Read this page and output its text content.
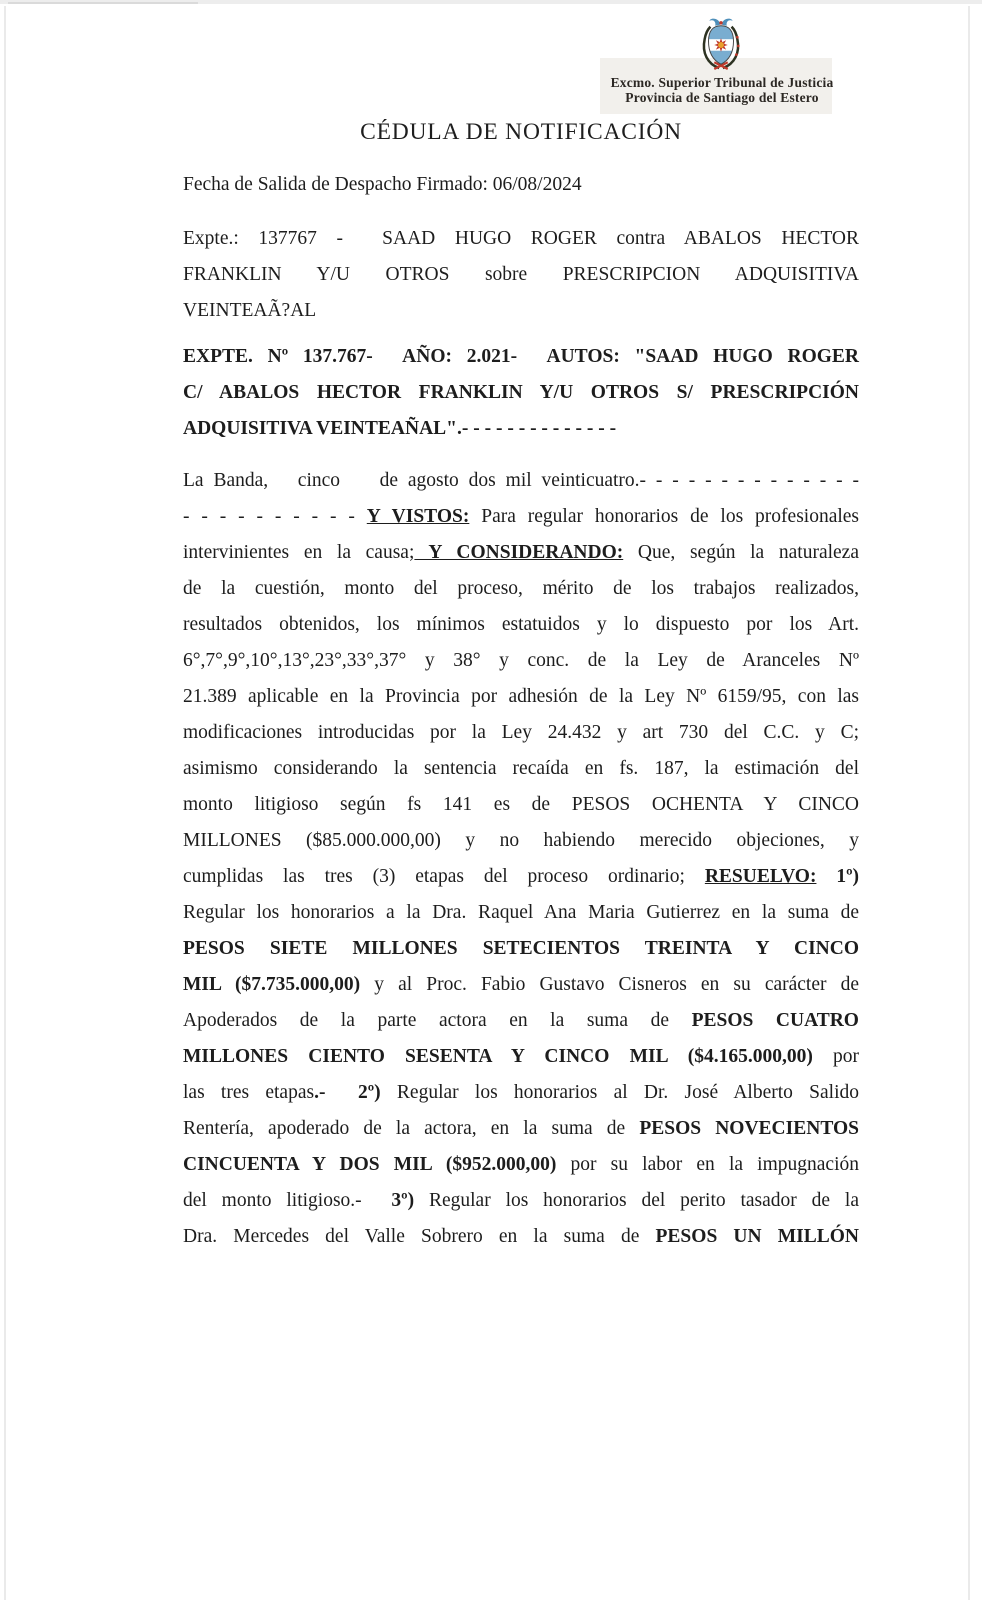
Excmo. Superior Tribunal de Justicia
Provincia de Santiago del Estero
CÉDULA DE NOTIFICACIÓN
Fecha de Salida de Despacho Firmado: 06/08/2024
Expte.: 137767 -  SAAD HUGO ROGER contra ABALOS HECTOR
FRANKLIN Y/U OTROS sobre PRESCRIPCION ADQUISITIVA
VEINTEAÃ?AL
EXPTE. Nº 137.767-  AÑO: 2.021-  AUTOS: "SAAD HUGO ROGER
C/ ABALOS HECTOR FRANKLIN Y/U OTROS S/ PRESCRIPCIÓN
ADQUISITIVA VEINTEAÑAL".- - - - - - - - - - - - - -
La Banda,   cinco    de agosto dos mil veinticuatro.- - - - - - - - - - - - - -
- - - - - - - - - - Y VISTOS: Para regular honorarios de los profesionales
intervinientes en la causa; Y CONSIDERANDO: Que, según la naturaleza
de la cuestión, monto del proceso, mérito de los trabajos realizados,
resultados obtenidos, los mínimos estatuidos y lo dispuesto por los Art.
6°,7°,9°,10°,13°,23°,33°,37° y 38° y conc. de la Ley de Aranceles Nº
21.389 aplicable en la Provincia por adhesión de la Ley Nº 6159/95, con las
modificaciones introducidas por la Ley 24.432 y art 730 del C.C. y C;
asimismo considerando la sentencia recaída en fs. 187, la estimación del
monto litigioso según fs 141 es de PESOS OCHENTA Y CINCO
MILLONES ($85.000.000,00) y no habiendo merecido objeciones, y
cumplidas las tres (3) etapas del proceso ordinario; RESUELVO: 1º)
Regular los honorarios a la Dra. Raquel Ana Maria Gutierrez en la suma de
PESOS SIETE MILLONES SETECIENTOS TREINTA Y CINCO
MIL ($7.735.000,00) y al Proc. Fabio Gustavo Cisneros en su carácter de
Apoderados de la parte actora en la suma de PESOS CUATRO
MILLONES CIENTO SESENTA Y CINCO MIL ($4.165.000,00) por
las tres etapas.- 2º) Regular los honorarios al Dr. José Alberto Salido
Rentería, apoderado de la actora, en la suma de PESOS NOVECIENTOS
CINCUENTA Y DOS MIL ($952.000,00) por su labor en la impugnación
del monto litigioso.-  3º) Regular los honorarios del perito tasador de la
Dra. Mercedes del Valle Sobrero en la suma de PESOS UN MILLÓN
